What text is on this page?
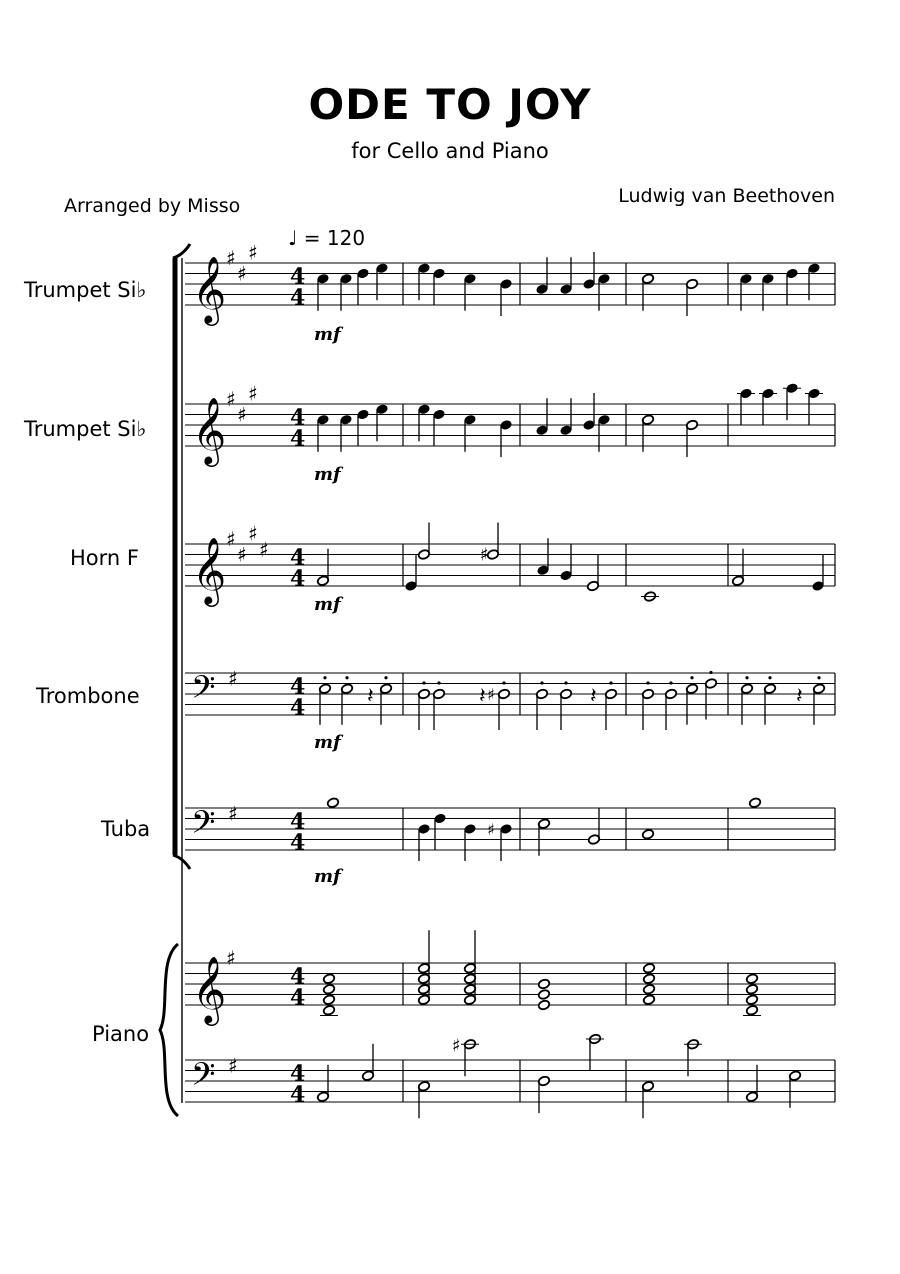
ODE TO JOY
for Cello and Piano
Arranged by Misso	Ludwig van Beethoven
♩ = 120
Trumpet Si♭
Trumpet Si♭
Horn F
Trombone
Tuba
Piano
𝄞 ♯
♯
♯
4
4
𝄞 ♯
♯
♯
4
4
𝄞 ♯
♯
♯
♯ 4
4
𝄢 ♯ 4
4
𝄢 ♯ 4
4
𝄞 ♯
4
4
𝄢 ♯ 4
4
mf
mf
mf
mf
mf
♯
♯
𝄽	𝄽	𝄽	𝄽
♯
♯
